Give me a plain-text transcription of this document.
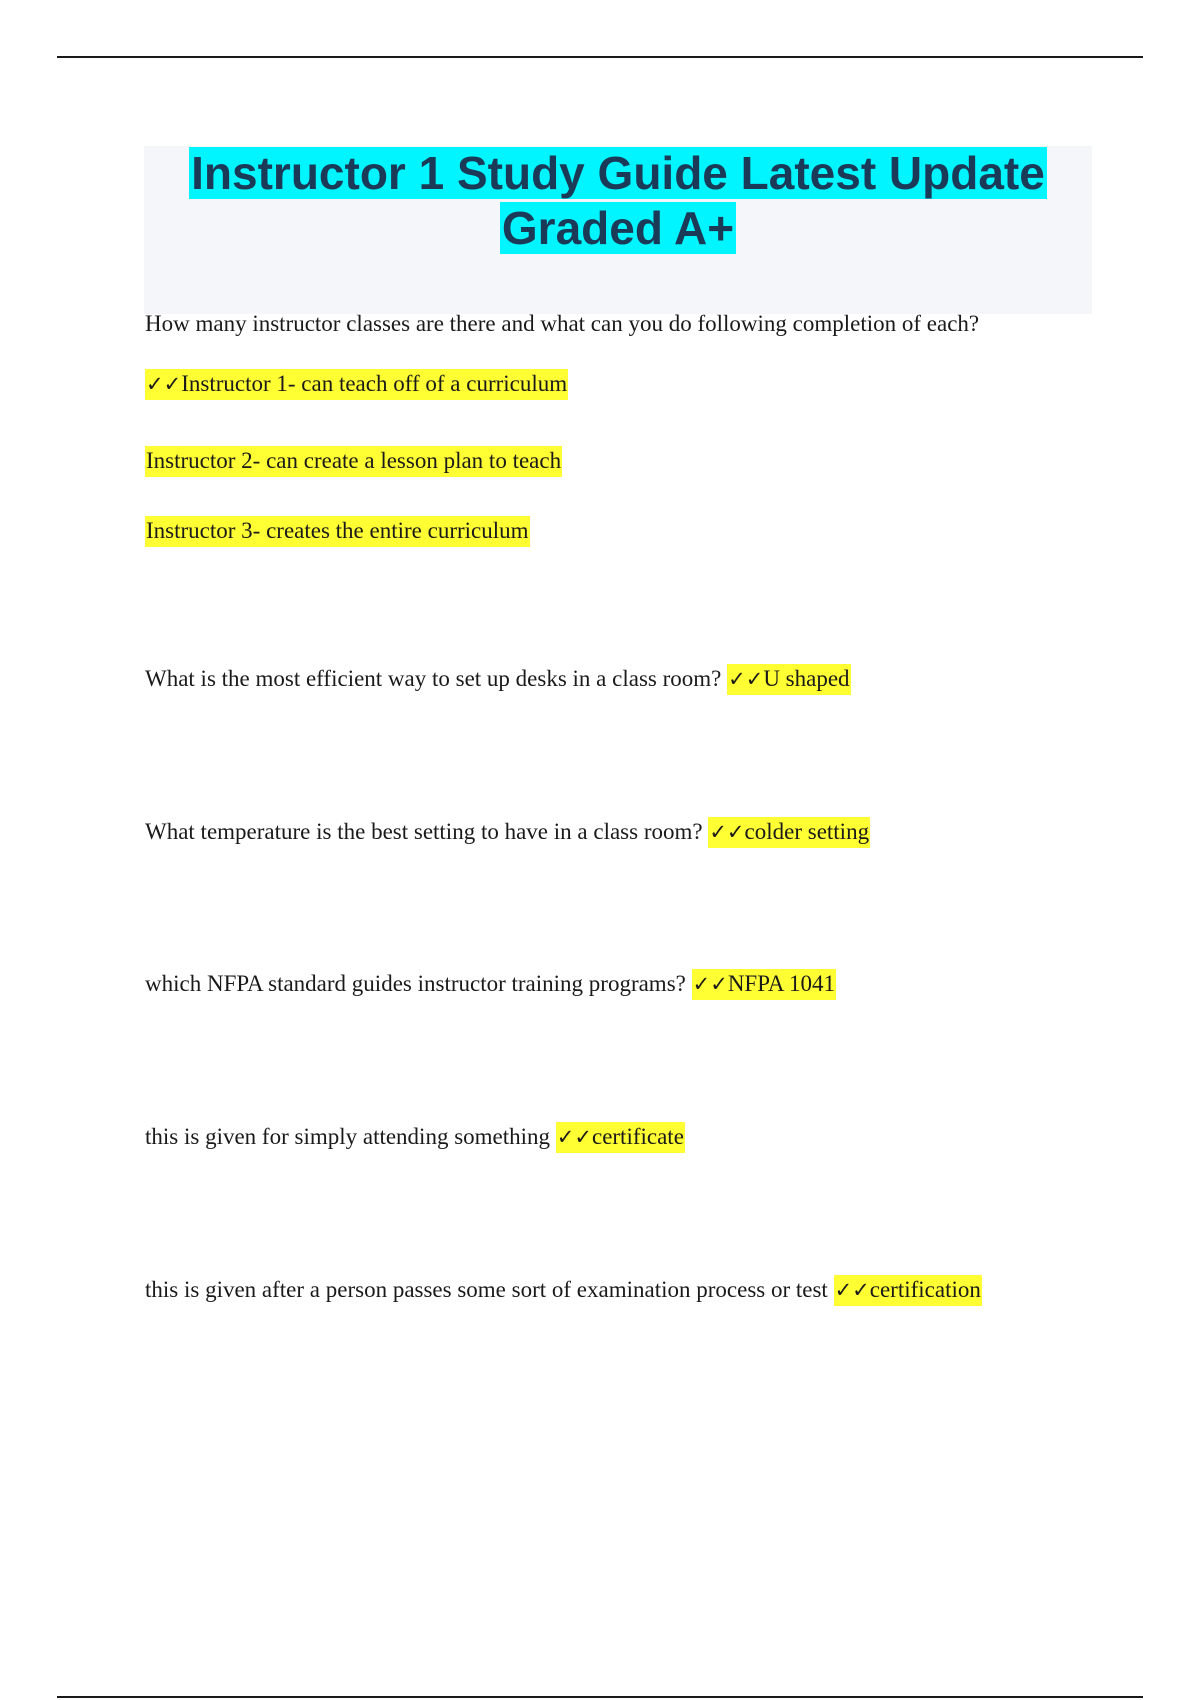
Instructor 1 Study Guide Latest Update Graded A+
How many instructor classes are there and what can you do following completion of each?
✓✓Instructor 1- can teach off of a curriculum
Instructor 2- can create a lesson plan to teach
Instructor 3- creates the entire curriculum
What is the most efficient way to set up desks in a class room? ✓✓U shaped
What temperature is the best setting to have in a class room? ✓✓colder setting
which NFPA standard guides instructor training programs? ✓✓NFPA 1041
this is given for simply attending something ✓✓certificate
this is given after a person passes some sort of examination process or test ✓✓certification
